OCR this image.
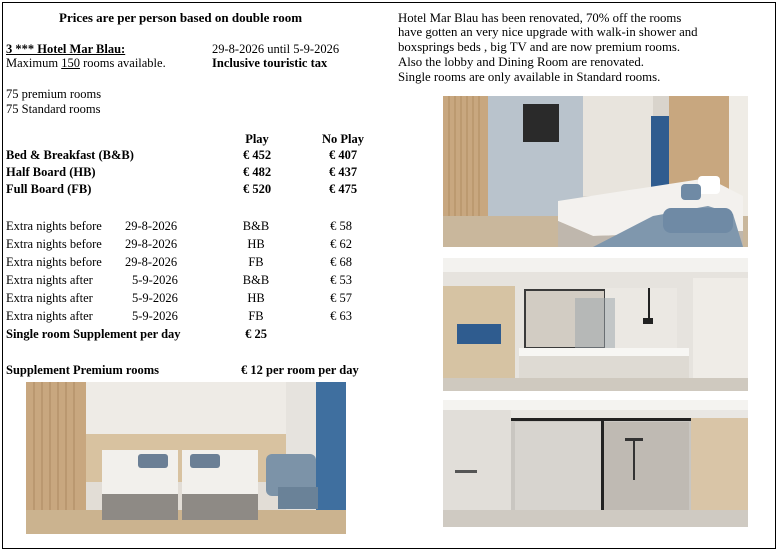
Prices are per person based on double room
3 *** Hotel Mar Blau:	29-8-2026 until 5-9-2026
Maximum 150 rooms available.	Inclusive touristic tax
75 premium rooms
75 Standard rooms
Play	No Play
Bed & Breakfast (B&B)	€ 452	€ 407
Half Board (HB)	€ 482	€ 437
Full Board (FB)	€ 520	€ 475
Extra nights before 29-8-2026	B&B	€ 58
Extra nights before 29-8-2026	HB	€ 62
Extra nights before 29-8-2026	FB	€ 68
Extra nights after	5-9-2026	B&B	€ 53
Extra nights after	5-9-2026	HB	€ 57
Extra nights after	5-9-2026	FB	€ 63
Single room Supplement per day	€ 25
Supplement Premium rooms	€ 12 per room per day
Hotel Mar Blau has been renovated, 70% off the rooms
have gotten an very nice upgrade with walk-in shower and
boxsprings beds , big TV and are now premium rooms.
Also the lobby and Dining Room are renovated.
Single rooms are only available in Standard rooms.
